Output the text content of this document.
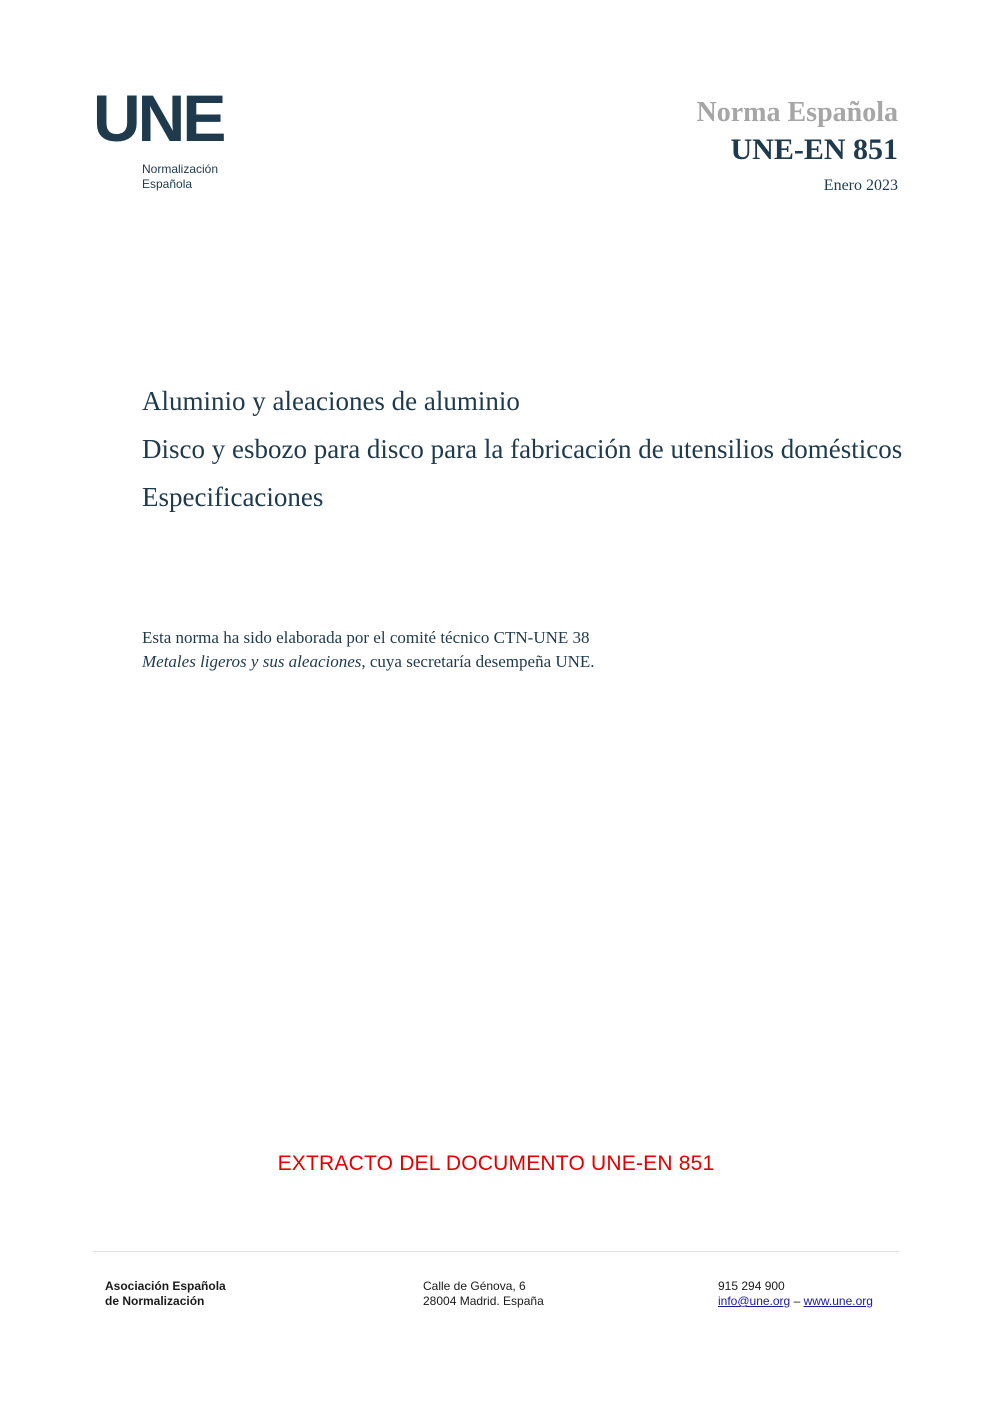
UNE
Normalización
Española
Norma Española
UNE-EN 851
Enero 2023
Aluminio y aleaciones de aluminio
Disco y esbozo para disco para la fabricación de utensilios domésticos
Especificaciones
Esta norma ha sido elaborada por el comité técnico CTN-UNE 38 Metales ligeros y sus aleaciones, cuya secretaría desempeña UNE.
EXTRACTO DEL DOCUMENTO UNE-EN 851
Asociación Española
de Normalización
Calle de Génova, 6
28004 Madrid. España
915 294 900
info@une.org – www.une.org
